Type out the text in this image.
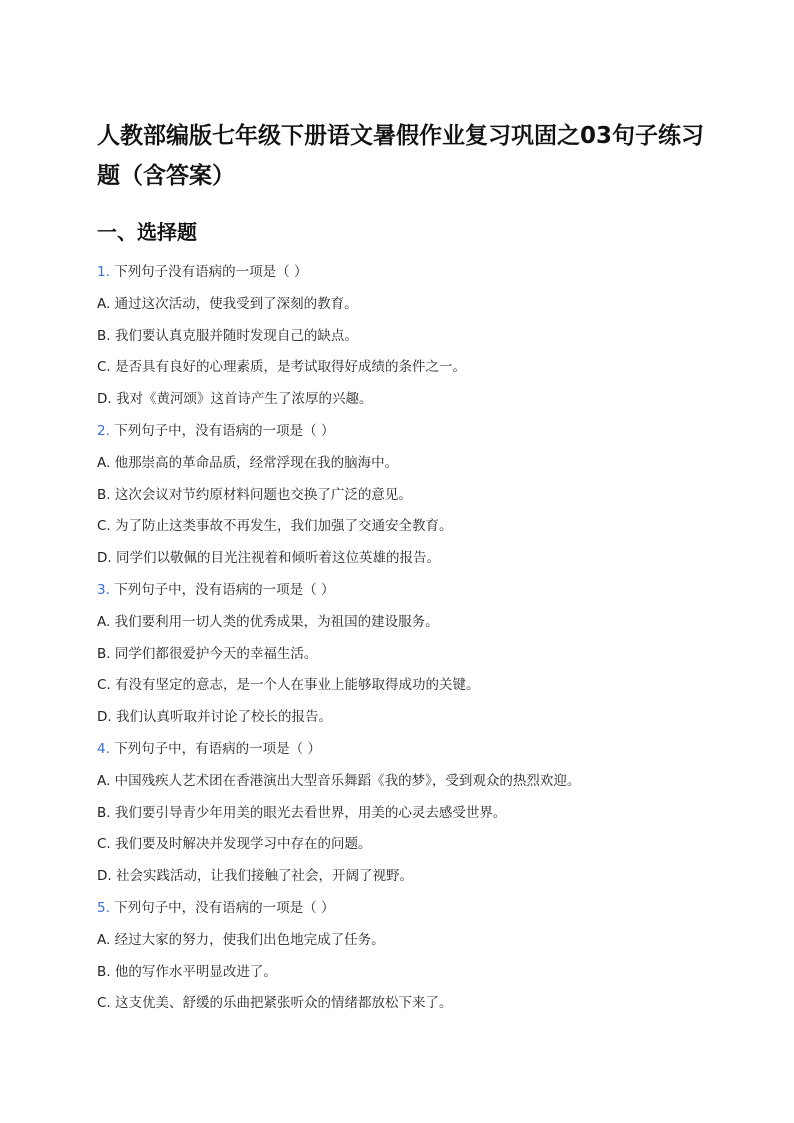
人教部编版七年级下册语文暑假作业复习巩固之03句子练习题（含答案）
一、选择题
1. 下列句子没有语病的一项是（ ）
A. 通过这次活动，使我受到了深刻的教育。
B. 我们要认真克服并随时发现自己的缺点。
C. 是否具有良好的心理素质，是考试取得好成绩的条件之一。
D. 我对《黄河颂》这首诗产生了浓厚的兴趣。
2. 下列句子中，没有语病的一项是（ ）
A. 他那崇高的革命品质，经常浮现在我的脑海中。
B. 这次会议对节约原材料问题也交换了广泛的意见。
C. 为了防止这类事故不再发生，我们加强了交通安全教育。
D. 同学们以敬佩的目光注视着和倾听着这位英雄的报告。
3. 下列句子中，没有语病的一项是（ ）
A. 我们要利用一切人类的优秀成果，为祖国的建设服务。
B. 同学们都很爱护今天的幸福生活。
C. 有没有坚定的意志，是一个人在事业上能够取得成功的关键。
D. 我们认真听取并讨论了校长的报告。
4. 下列句子中，有语病的一项是（ ）
A. 中国残疾人艺术团在香港演出大型音乐舞蹈《我的梦》，受到观众的热烈欢迎。
B. 我们要引导青少年用美的眼光去看世界，用美的心灵去感受世界。
C. 我们要及时解决并发现学习中存在的问题。
D. 社会实践活动，让我们接触了社会，开阔了视野。
5. 下列句子中，没有语病的一项是（ ）
A. 经过大家的努力，使我们出色地完成了任务。
B. 他的写作水平明显改进了。
C. 这支优美、舒缓的乐曲把紧张听众的情绪都放松下来了。
